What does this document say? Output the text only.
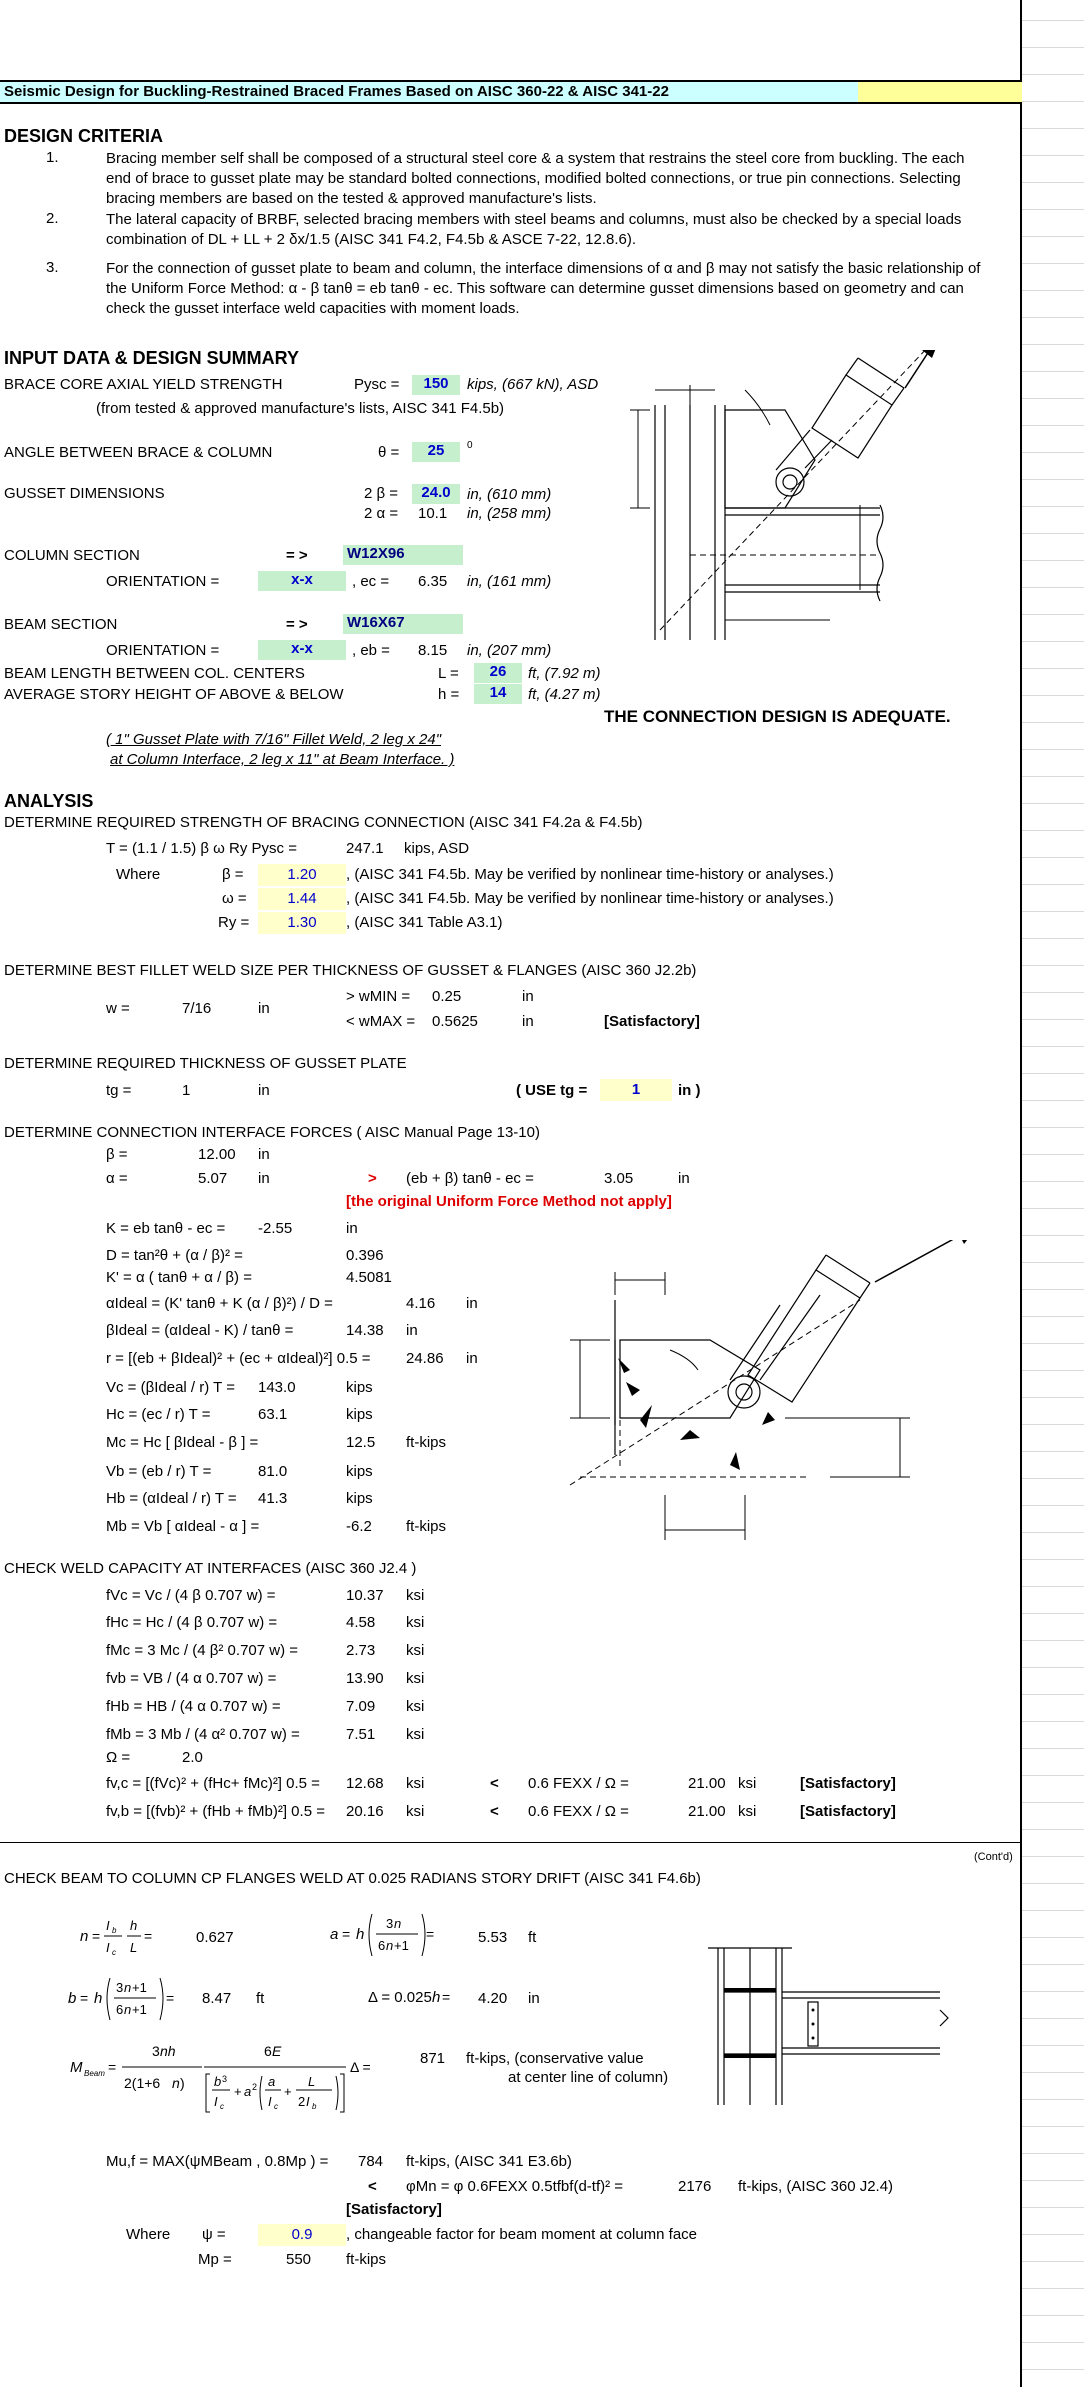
Seismic Design for Buckling-Restrained Braced Frames Based on AISC 360-22 & AISC 341-22
DESIGN CRITERIA
1.	Bracing member self shall be composed of a structural steel core & a system that restrains the steel core from buckling. The each end of brace to gusset plate may be standard bolted connections, modified bolted connections, or true pin connections. Selecting bracing members are based on the tested & approved manufacture's lists.
2.	The lateral capacity of BRBF, selected bracing members with steel beams and columns, must also be checked by a special loads combination of DL + LL + 2 δx/1.5 (AISC 341 F4.2, F4.5b & ASCE 7-22, 12.8.6).
3.	For the connection of gusset plate to beam and column, the interface dimensions of α and β may not satisfy the basic relationship of the Uniform Force Method: α - β tanθ = eb tanθ - ec. This software can determine gusset dimensions based on geometry and can check the gusset interface weld capacities with moment loads.
INPUT DATA & DESIGN SUMMARY
BRACE CORE AXIAL YIELD STRENGTH	Pysc =	150	kips, (667 kN), ASD
(from tested & approved manufacture's lists, AISC 341 F4.5b)
ANGLE BETWEEN BRACE & COLUMN	θ =	25	0
GUSSET DIMENSIONS	2 β =	24.0	in, (610 mm)
2 α = 10.1 in, (258 mm)
COLUMN SECTION	= >	W12X96
ORIENTATION =	x-x	, ec = 6.35 in, (161 mm)
BEAM SECTION	= >	W16X67
ORIENTATION =	x-x	, eb = 8.15 in, (207 mm)
BEAM LENGTH BETWEEN COL. CENTERS	L =	26	ft, (7.92 m)
AVERAGE STORY HEIGHT OF ABOVE & BELOW	h =	14	ft, (4.27 m)
THE CONNECTION DESIGN IS ADEQUATE.
( 1" Gusset Plate with 7/16" Fillet Weld, 2 leg x 24"
at Column Interface, 2 leg x 11" at Beam Interface. )
ANALYSIS
DETERMINE REQUIRED STRENGTH OF BRACING CONNECTION (AISC 341 F4.2a & F4.5b)
T = (1.1 / 1.5) β ω Ry Pysc =	247.1 kips, ASD
Where	β =	1.20	, (AISC 341 F4.5b. May be verified by nonlinear time-history or analyses.)
ω =	1.44	, (AISC 341 F4.5b. May be verified by nonlinear time-history or analyses.)
Ry =	1.30	, (AISC 341 Table A3.1)
DETERMINE BEST FILLET WELD SIZE PER THICKNESS OF GUSSET & FLANGES (AISC 360 J2.2b)
w =	7/16	in
> wMIN = 0.25	in
< wMAX = 0.5625	in	[Satisfactory]
DETERMINE REQUIRED THICKNESS OF GUSSET PLATE
tg =	1	in	( USE tg =	1	in )
DETERMINE CONNECTION INTERFACE FORCES ( AISC Manual Page 13-10)
β =	12.00 in
α =	5.07 in	> (eb + β) tanθ - ec =	3.05	in
[the original Uniform Force Method not apply]
K = eb tanθ - ec = -2.55	in
D = tan²θ + (α / β)² =	0.396
K' = α ( tanθ + α / β) =	4.5081
αIdeal = (K' tanθ + K (α / β)²) / D =	4.16 in
βIdeal = (αIdeal - K) / tanθ =	14.38 in
r = [(eb + βIdeal)² + (ec + αIdeal)²] 0.5 = 24.86 in
Vc = (βIdeal / r) T = 143.0	kips
Hc = (ec / r) T =	63.1	kips
Mc = Hc [ βIdeal - β ] =	12.5 ft-kips
Vb = (eb / r) T =	81.0	kips
Hb = (αIdeal / r) T = 41.3	kips
Mb = Vb [ αIdeal - α ] =	-6.2 ft-kips
CHECK WELD CAPACITY AT INTERFACES (AISC 360 J2.4 )
fVc = Vc / (4 β 0.707 w) =	10.37 ksi
fHc = Hc / (4 β 0.707 w) =	4.58 ksi
fMc = 3 Mc / (4 β² 0.707 w) =	2.73 ksi
fvb = VB / (4 α 0.707 w) =	13.90 ksi
fHb = HB / (4 α 0.707 w) =	7.09 ksi
fMb = 3 Mb / (4 α² 0.707 w) =	7.51 ksi
Ω =	2.0
fv,c = [(fVc)² + (fHc+ fMc)²] 0.5 = 12.68 ksi	< 0.6 FEXX / Ω =	21.00 ksi	[Satisfactory]
fv,b = [(fvb)² + (fHb + fMb)²] 0.5 = 20.16 ksi	< 0.6 FEXX / Ω =	21.00 ksi	[Satisfactory]
(Cont'd)
CHECK BEAM TO COLUMN CP FLANGES WELD AT 0.025 RADIANS STORY DRIFT (AISC 341 F4.6b)
n =
I b
I c
h
L
=	0.627	a = h
3 n
6 n +1
=	5.53 ft
b = h
3 n +1
6 n +1
= 8.47 ft	Δ = 0.025 h = 4.20 in
M Beam =
3 nh
2(1+6 n )
6 E
b 3
I c
+ a 2 a
I c
+
L
2 I b
Δ =	871 ft-kips, (conservative value
at center line of column)
Mu,f = MAX(ψMBeam , 0.8Mp ) = 784 ft-kips, (AISC 341 E3.6b)
< φMn = φ 0.6FEXX 0.5tfbf(d-tf)² =	2176 ft-kips, (AISC 360 J2.4)
[Satisfactory]
Where ψ =	0.9	, changeable factor for beam moment at column face
Mp =	550 ft-kips
